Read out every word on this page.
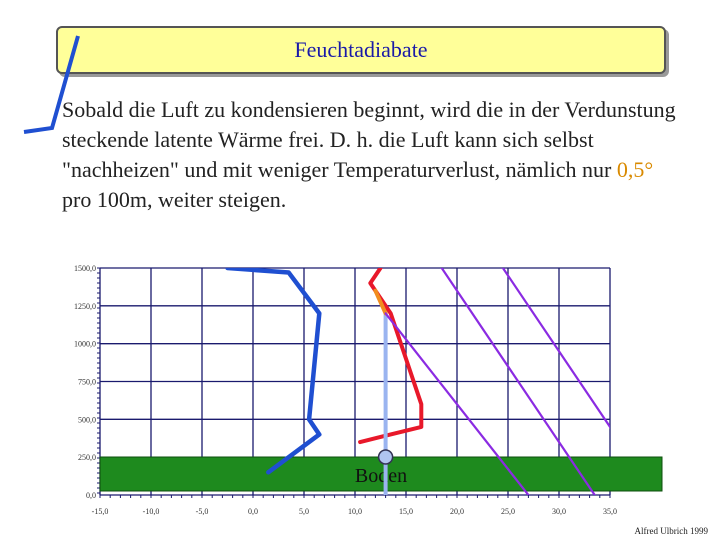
Feuchtadiabate
Sobald die Luft zu kondensieren beginnt, wird die in der Verdunstung steckende latente Wärme frei. D. h. die Luft kann sich selbst "nachheizen" und mit weniger Temperaturverlust, nämlich nur 0,5° pro 100m, weiter steigen.
Boden
-15,0	-10,0	-5,0	0,0	5,0	10,0	15,0	20,0	25,0	30,0	35,0
0,0
250,0
500,0
750,0
1000,0
1250,0
1500,0
Alfred Ulbrich 1999
